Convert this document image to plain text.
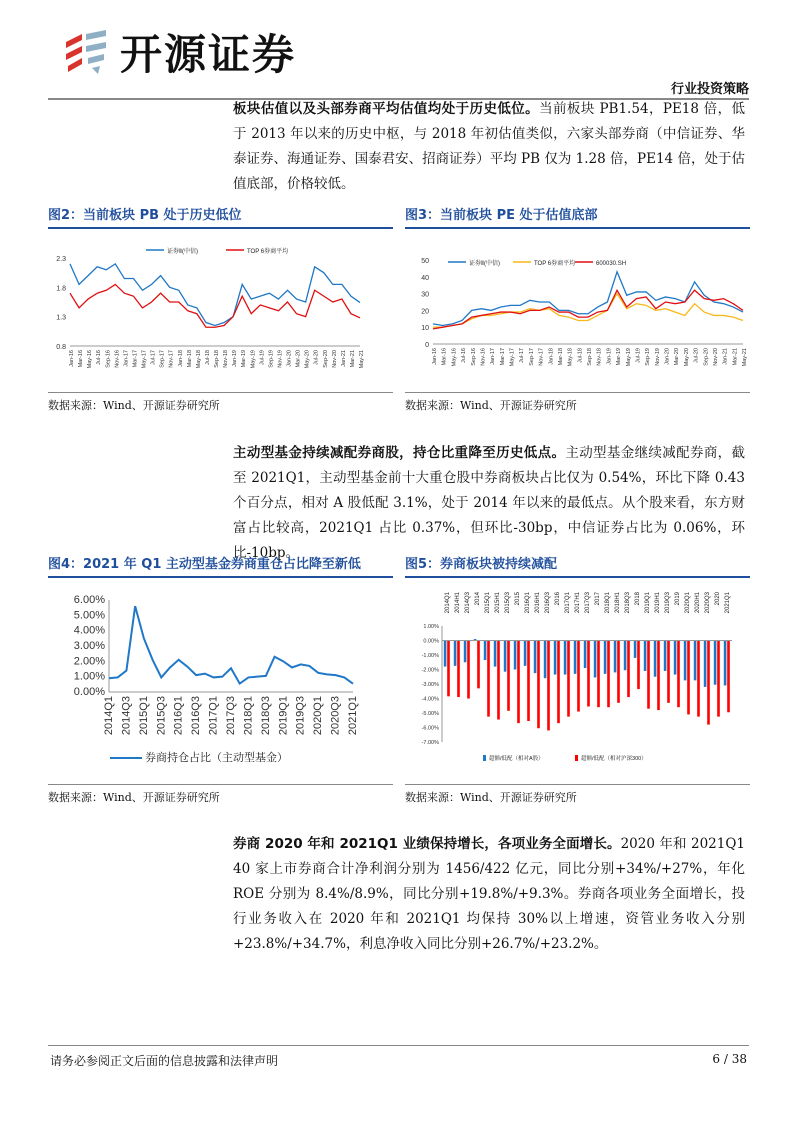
开源证券
行业投资策略
板块估值以及头部券商平均估值均处于历史低位。当前板块 PB1.54，PE18 倍，低于 2013 年以来的历史中枢，与 2018 年初估值类似，六家头部券商（中信证券、华泰证券、海通证券、国泰君安、招商证券）平均 PB 仅为 1.28 倍，PE14 倍，处于估值底部，价格较低。
图2：当前板块 PB 处于历史低位	图3：当前板块 PE 处于估值底部
0.8
1.3
1.8
2.3
Jan-16 Mar-16 May-16 Jul-16 Sep-16 Nov-16 Jan-17 Mar-17 May-17 Jul-17 Sep-17 Nov-17 Jan-18 Mar-18 May-18 Jul-18 Sep-18 Nov-18 Jan-19 Mar-19 May-19 Jul-19 Sep-19 Nov-19 Jan-20 Mar-20 May-20 Jul-20 Sep-20 Nov-20 Jan-21 Mar-21 May-21
证券Ⅱ(中信)	TOP 6券商平均
0
10
20
30
40
50
Jan-16 Mar-16 May-16 Jul-16 Sep-16 Nov-16 Jan-17 Mar-17 May-17 Jul-17 Sep-17 Nov-17 Jan-18 Mar-18 May-18 Jul-18 Sep-18 Nov-18 Jan-19 Mar-19 May-19 Jul-19 Sep-19 Nov-19 Jan-20 Mar-20 May-20 Jul-20 Sep-20 Nov-20 Jan-21 Mar-21 May-21
证券Ⅱ(中信)	TOP 6券商平均	600030.SH
数据来源：Wind、开源证券研究所	数据来源：Wind、开源证券研究所
主动型基金持续减配券商股，持仓比重降至历史低点。主动型基金继续减配券商，截至 2021Q1，主动型基金前十大重仓股中券商板块占比仅为 0.54%，环比下降 0.43 个百分点，相对 A 股低配 3.1%，处于 2014 年以来的最低点。从个股来看，东方财富占比较高，2021Q1 占比 0.37%，但环比-30bp，中信证券占比为 0.06%，环比-10bp。
图4：2021 年 Q1 主动型基金券商重仓占比降至新低	图5：券商板块被持续减配
0.00%
1.00%
2.00%
3.00%
4.00%
5.00%
6.00%
2014Q1 2014Q3 2015Q1 2015Q3 2016Q1 2016Q3 2017Q1 2017Q3 2018Q1 2018Q3 2019Q1 2019Q3 2020Q1 2020Q3 2021Q1
券商持仓占比（主动型基金）
1.00%
0.00%
-1.00%
-2.00%
-3.00%
-4.00%
-5.00%
-6.00%
-7.00%
2014Q1 2014H1 2014Q3 2014 2015Q1 2015H1 2015Q3 2015 2016Q1 2016H1 2016Q3 2016 2017Q1 2017H1 2017Q3 2017 2018Q1 2018H1 2018Q3 2018 2019Q1 2019H1 2019Q3 2019 2020Q1 2020H1 2020Q3 2020 2021Q1
超额/低配（相对A股）	超额/低配（相对沪深300）
数据来源：Wind、开源证券研究所	数据来源：Wind、开源证券研究所
券商 2020 年和 2021Q1 业绩保持增长，各项业务全面增长。2020 年和 2021Q1 40 家上市券商合计净利润分别为 1456/422 亿元，同比分别+34%/+27%，年化 ROE 分别为 8.4%/8.9%，同比分别+19.8%/+9.3%。券商各项业务全面增长，投行业务收入在 2020 年和 2021Q1 均保持 30%以上增速，资管业务收入分别+23.8%/+34.7%，利息净收入同比分别+26.7%/+23.2%。
请务必参阅正文后面的信息披露和法律声明	6 / 38
